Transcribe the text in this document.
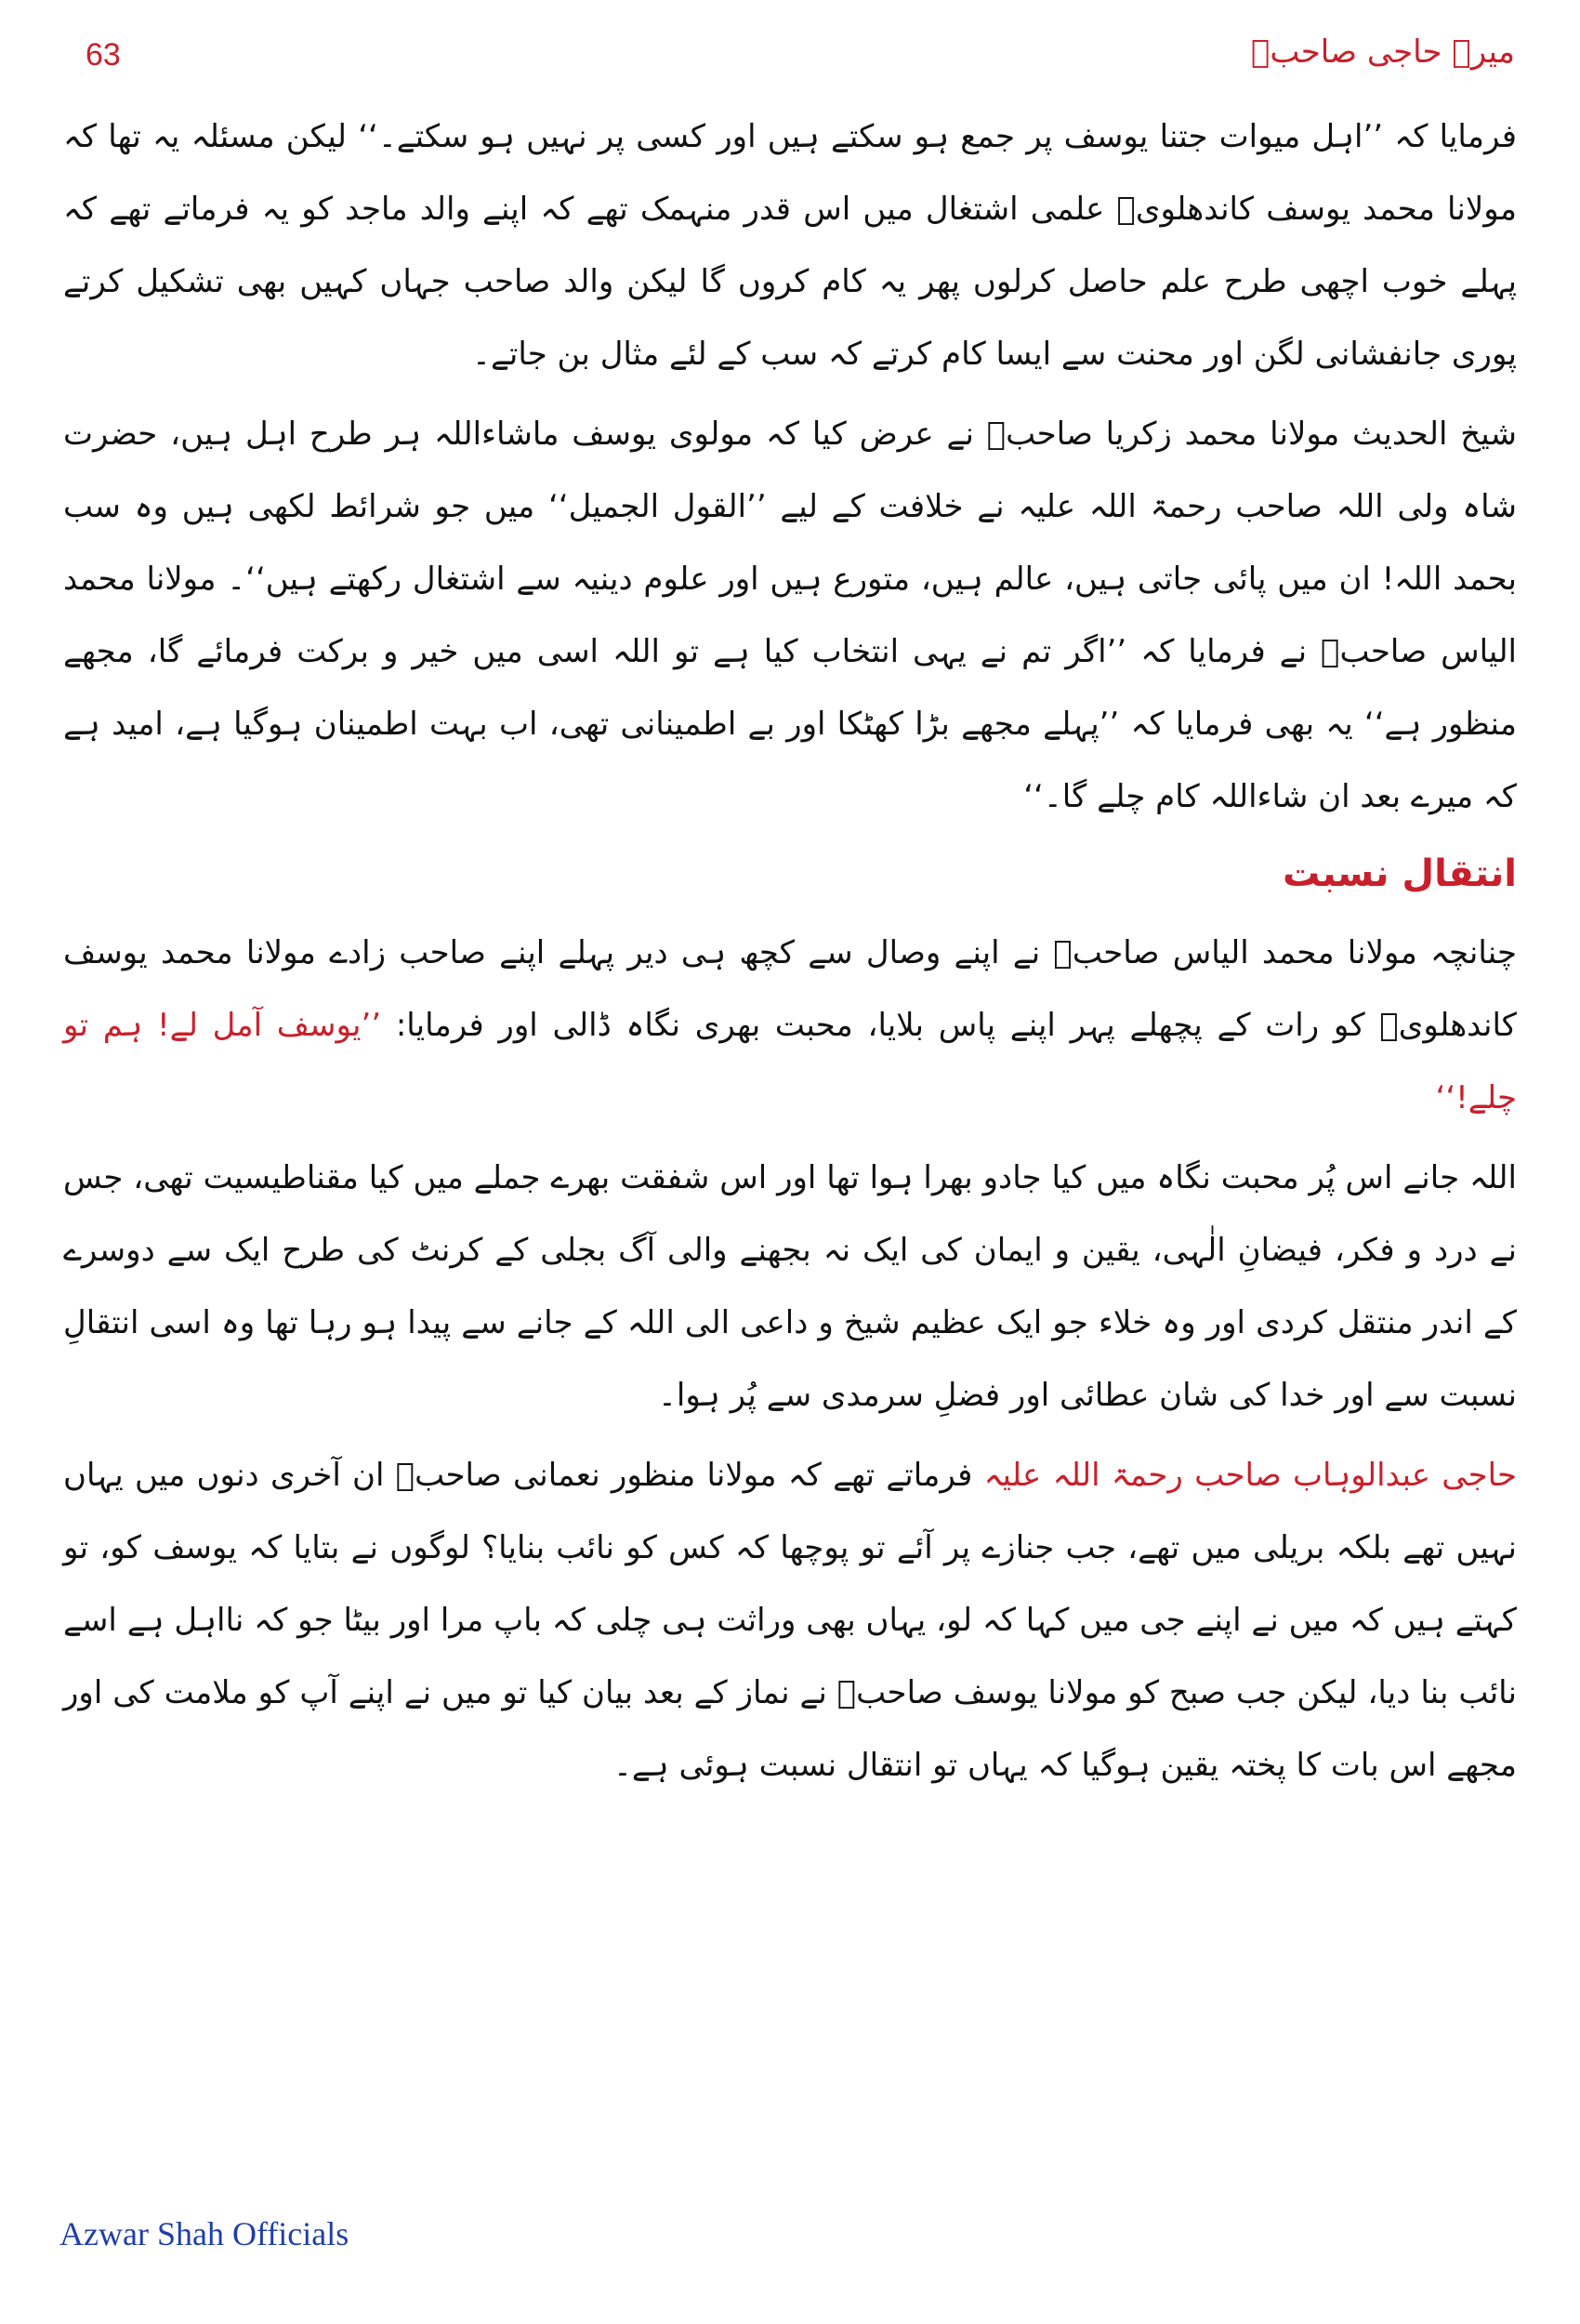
63	میرے حاجی صاحبؒ

فرمایا کہ ’’اہل میوات جتنا یوسف پر جمع ہو سکتے ہیں اور کسی پر نہیں ہو سکتے۔‘‘ لیکن مسئلہ یہ تھا کہ مولانا محمد یوسف کاندھلویؒ علمی اشتغال میں اس قدر منہمک تھے کہ اپنے والد ماجد کو یہ فرماتے تھے کہ پہلے خوب اچھی طرح علم حاصل کرلوں پھر یہ کام کروں گا لیکن والد صاحب جہاں کہیں بھی تشکیل کرتے پوری جانفشانی لگن اور محنت سے ایسا کام کرتے کہ سب کے لئے مثال بن جاتے۔

شیخ الحدیث مولانا محمد زکریا صاحبؒ نے عرض کیا کہ مولوی یوسف ماشاءاللہ ہر طرح اہل ہیں، حضرت شاہ ولی اللہ صاحب رحمۃ اللہ علیہ نے خلافت کے لیے ’’القول الجمیل‘‘ میں جو شرائط لکھی ہیں وہ سب بحمد اللہ! ان میں پائی جاتی ہیں، عالم ہیں، متورع ہیں اور علوم دینیہ سے اشتغال رکھتے ہیں‘‘۔ مولانا محمد الیاس صاحبؒ نے فرمایا کہ ’’اگر تم نے یہی انتخاب کیا ہے تو اللہ اسی میں خیر و برکت فرمائے گا، مجھے منظور ہے‘‘ یہ بھی فرمایا کہ ’’پہلے مجھے بڑا کھٹکا اور بے اطمینانی تھی، اب بہت اطمینان ہوگیا ہے، امید ہے کہ میرے بعد ان شاءاللہ کام چلے گا۔‘‘

انتقال نسبت

چنانچہ مولانا محمد الیاس صاحبؒ نے اپنے وصال سے کچھ ہی دیر پہلے اپنے صاحب زادے مولانا محمد یوسف کاندھلویؒ کو رات کے پچھلے پہر اپنے پاس بلایا، محبت بھری نگاہ ڈالی اور فرمایا: ’’یوسف آمل لے! ہم تو چلے!‘‘

اللہ جانے اس پُر محبت نگاہ میں کیا جادو بھرا ہوا تھا اور اس شفقت بھرے جملے میں کیا مقناطیسیت تھی، جس نے درد و فکر، فیضانِ الٰہی، یقین و ایمان کی ایک نہ بجھنے والی آگ بجلی کے کرنٹ کی طرح ایک سے دوسرے کے اندر منتقل کردی اور وہ خلاء جو ایک عظیم شیخ و داعی الی اللہ کے جانے سے پیدا ہو رہا تھا وہ اسی انتقالِ نسبت سے اور خدا کی شان عطائی اور فضلِ سرمدی سے پُر ہوا۔

حاجی عبدالوہاب صاحب رحمۃ اللہ علیہ فرماتے تھے کہ مولانا منظور نعمانی صاحبؒ ان آخری دنوں میں یہاں نہیں تھے بلکہ بریلی میں تھے، جب جنازے پر آئے تو پوچھا کہ کس کو نائب بنایا؟ لوگوں نے بتایا کہ یوسف کو، تو کہتے ہیں کہ میں نے اپنے جی میں کہا کہ لو، یہاں بھی وراثت ہی چلی کہ باپ مرا اور بیٹا جو کہ نااہل ہے اسے نائب بنا دیا، لیکن جب صبح کو مولانا یوسف صاحبؒ نے نماز کے بعد بیان کیا تو میں نے اپنے آپ کو ملامت کی اور مجھے اس بات کا پختہ یقین ہوگیا کہ یہاں تو انتقال نسبت ہوئی ہے۔

Azwar Shah Officials
